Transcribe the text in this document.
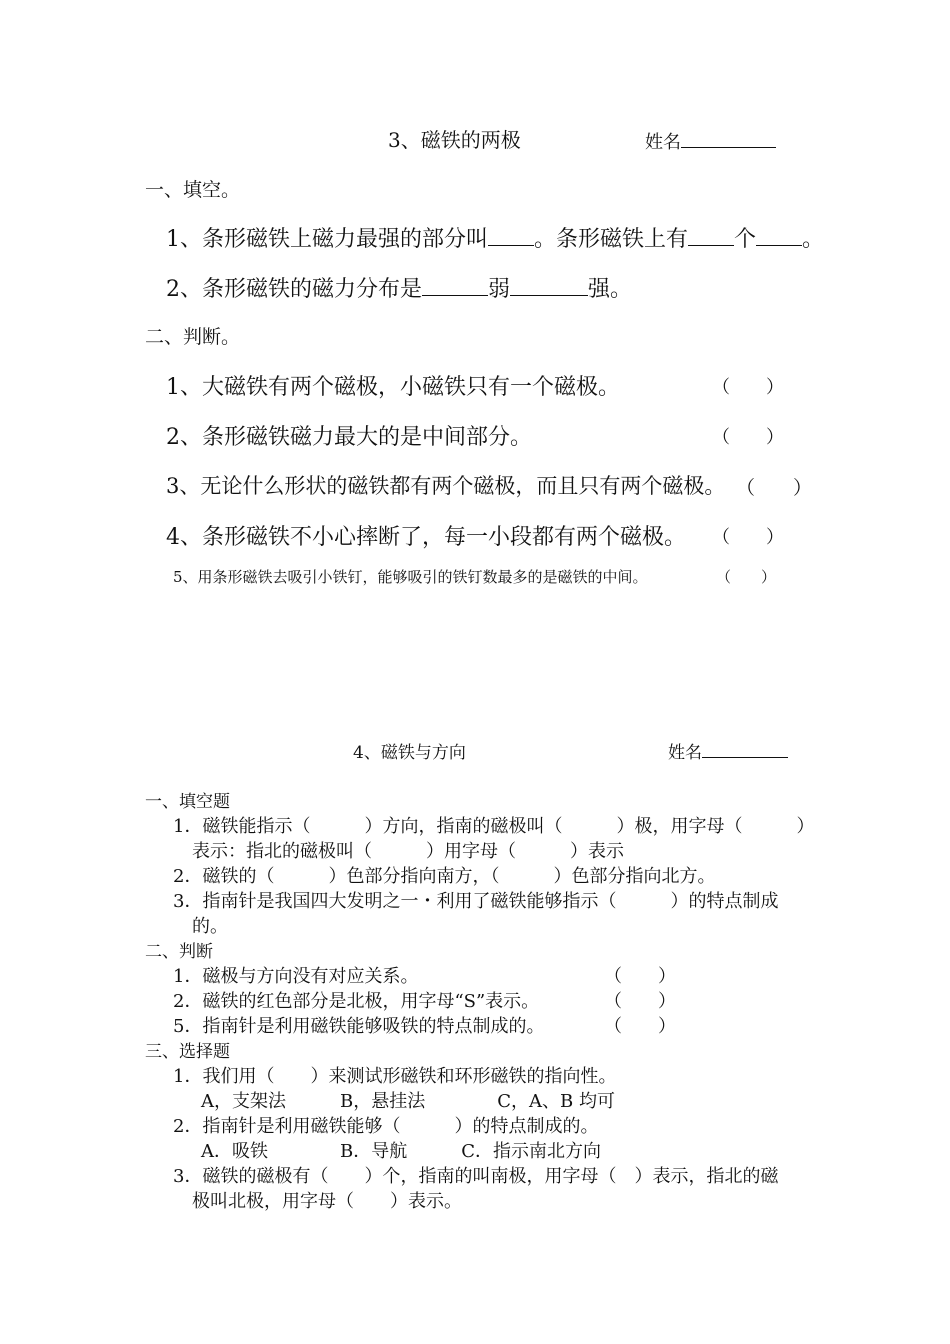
3、磁铁的两极	姓名
一、填空。
1、条形磁铁上磁力最强的部分叫 。条形磁铁上有 个 。
2、条形磁铁的磁力分布是	弱	强。
二、判断。
1、大磁铁有两个磁极，小磁铁只有一个磁极。	（　　）
2、条形磁铁磁力最大的是中间部分。	（　　）
3、无论什么形状的磁铁都有两个磁极，而且只有两个磁极。 （　　）
4、条形磁铁不小心摔断了，每一小段都有两个磁极。 （　　）
5、用条形磁铁去吸引小铁钉，能够吸引的铁钉数最多的是磁铁的中间。	（　　）
4、磁铁与方向	姓名
一、填空题
1．磁铁能指示（　　　）方向，指南的磁极叫（　　　）极，用字母（　　　）
表示：指北的磁极叫（　　　）用字母（　　　）表示
2．磁铁的（　　　）色部分指向南方，（　　　）色部分指向北方。
3．指南针是我国四大发明之一・利用了磁铁能够指示（　　　）的特点制成
的。
二、判断
1．磁极与方向没有对应关系。	（　　）
2．磁铁的红色部分是北极，用字母“S”表示。	（　　）
5．指南针是利用磁铁能够吸铁的特点制成的。	（　　）
三、选择题
1．我们用（　　）来测试形磁铁和环形磁铁的指向性。
A，支架法　　　B，悬挂法　　　　C，A、B 均可
2．指南针是利用磁铁能够（　　　）的特点制成的。
A．吸铁　　　　B．导航　　　C．指示南北方向
3．磁铁的磁极有（　　）个，指南的叫南极，用字母（　）表示，指北的磁
极叫北极，用字母（　　）表示。
